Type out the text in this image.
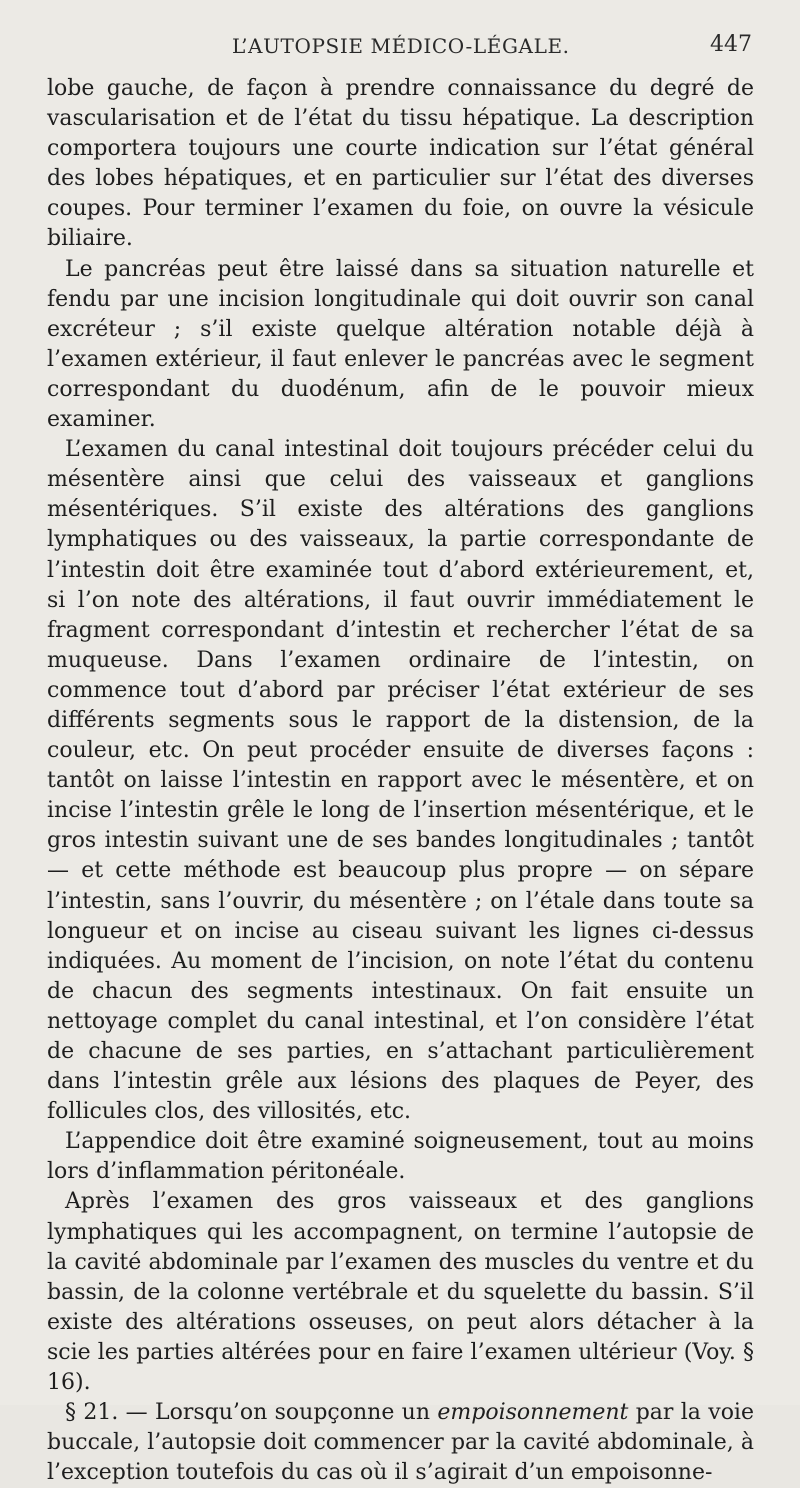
L’AUTOPSIE MÉDICO-LÉGALE.	447

lobe gauche, de façon à prendre connaissance du degré de vascularisation et de l’état du tissu hépatique. La description comportera toujours une courte indication sur l’état général des lobes hépatiques, et en particulier sur l’état des diverses coupes. Pour terminer l’examen du foie, on ouvre la vésicule biliaire.

Le pancréas peut être laissé dans sa situation naturelle et fendu par une incision longitudinale qui doit ouvrir son canal excréteur ; s’il existe quelque altération notable déjà à l’examen extérieur, il faut enlever le pancréas avec le segment correspondant du duodénum, afin de le pouvoir mieux examiner.

L’examen du canal intestinal doit toujours précéder celui du mésentère ainsi que celui des vaisseaux et ganglions mésentériques. S’il existe des altérations des ganglions lymphatiques ou des vaisseaux, la partie correspondante de l’intestin doit être examinée tout d’abord extérieurement, et, si l’on note des altérations, il faut ouvrir immédiatement le fragment correspondant d’intestin et rechercher l’état de sa muqueuse. Dans l’examen ordinaire de l’intestin, on commence tout d’abord par préciser l’état extérieur de ses différents segments sous le rapport de la distension, de la couleur, etc. On peut procéder ensuite de diverses façons : tantôt on laisse l’intestin en rapport avec le mésentère, et on incise l’intestin grêle le long de l’insertion mésentérique, et le gros intestin suivant une de ses bandes longitudinales ; tantôt — et cette méthode est beaucoup plus propre — on sépare l’intestin, sans l’ouvrir, du mésentère ; on l’étale dans toute sa longueur et on incise au ciseau suivant les lignes ci-dessus indiquées. Au moment de l’incision, on note l’état du contenu de chacun des segments intestinaux. On fait ensuite un nettoyage complet du canal intestinal, et l’on considère l’état de chacune de ses parties, en s’attachant particulièrement dans l’intestin grêle aux lésions des plaques de Peyer, des follicules clos, des villosités, etc.

L’appendice doit être examiné soigneusement, tout au moins lors d’inflammation péritonéale.

Après l’examen des gros vaisseaux et des ganglions lymphatiques qui les accompagnent, on termine l’autopsie de la cavité abdominale par l’examen des muscles du ventre et du bassin, de la colonne vertébrale et du squelette du bassin. S’il existe des altérations osseuses, on peut alors détacher à la scie les parties altérées pour en faire l’examen ultérieur (Voy. § 16).

§ 21. — Lorsqu’on soupçonne un empoisonnement par la voie buccale, l’autopsie doit commencer par la cavité abdominale, à l’exception toutefois du cas où il s’agirait d’un empoisonne-
